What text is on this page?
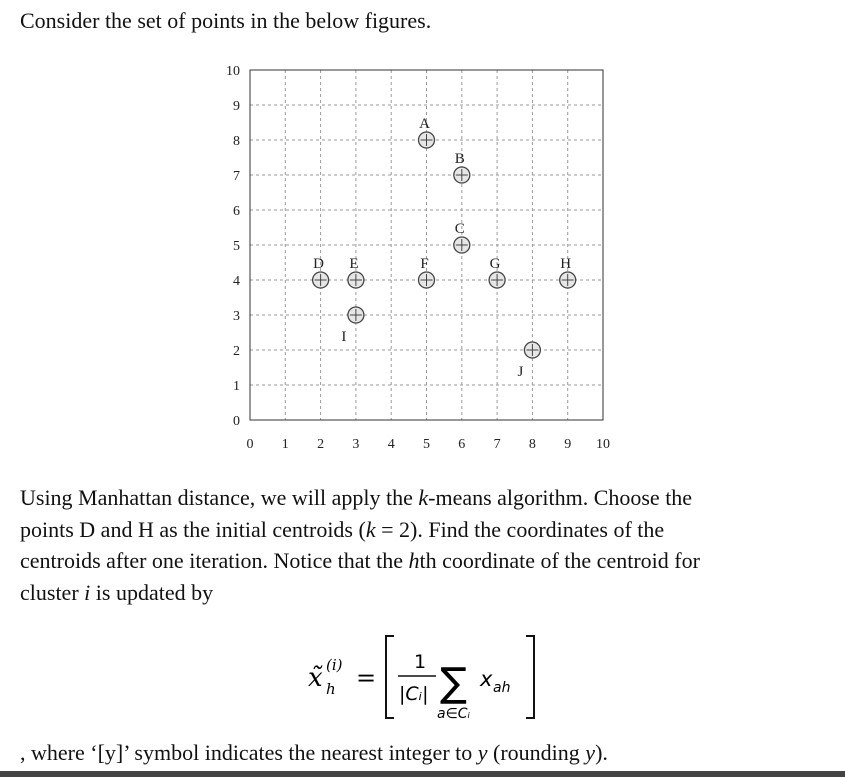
Consider the set of points in the below figures.
0
1
2
3
4
5
6
7
8
9
10
0 1 2 3 4 5 6 7 8 9 10
A
B
C
D E	F	G	H
I
J

Using Manhattan distance, we will apply the k-means algorithm. Choose the

points D and H as the initial centroids (k = 2). Find the coordinates of the

centroids after one iteration. Notice that the hth coordinate of the centroid for

cluster i is updated by

x̃ (i)
h =
1
|Cᵢ| ∑
a∈Cᵢ
x ah
, where ‘[y]’ symbol indicates the nearest integer to y (rounding y).
